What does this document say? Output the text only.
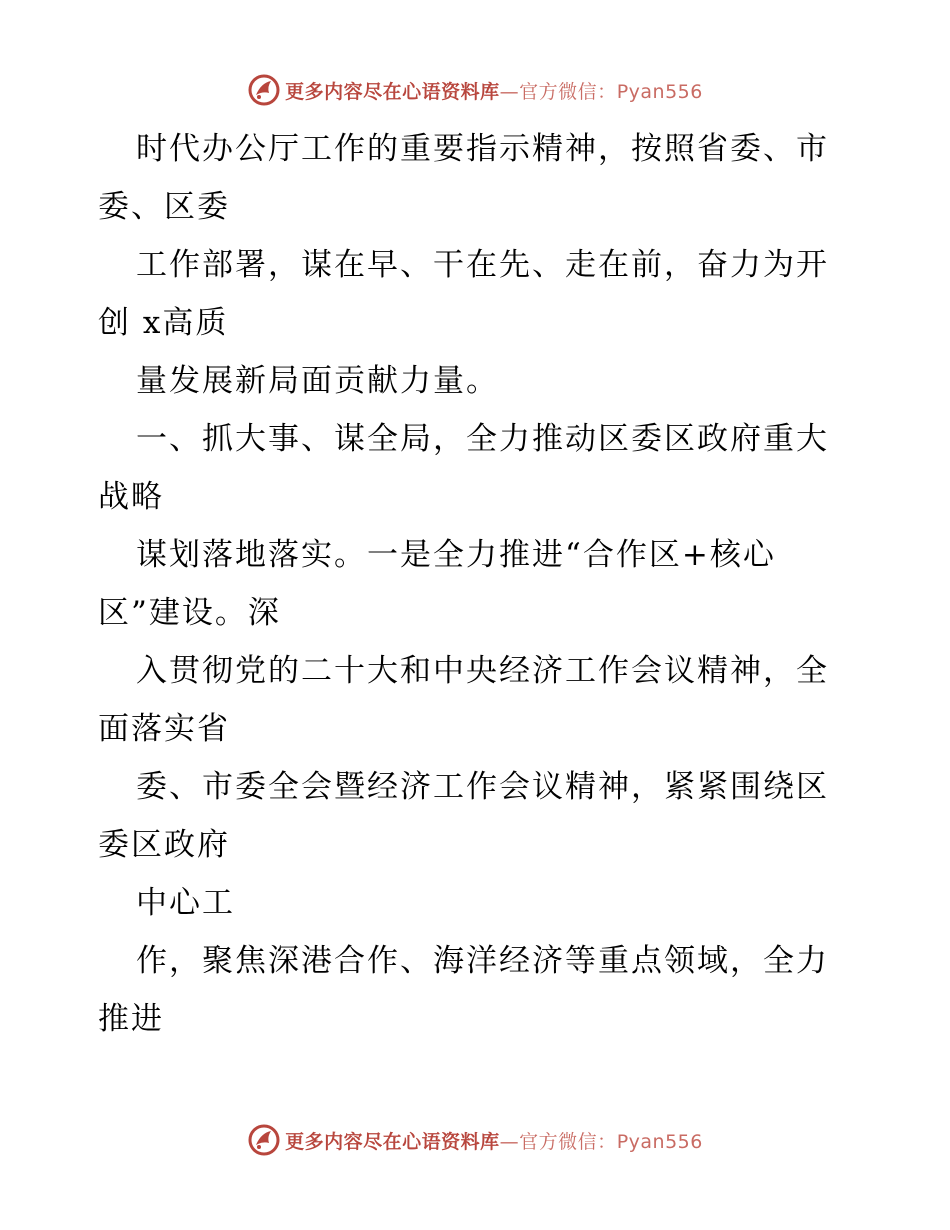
更多内容尽在心语资料库—官方微信：Pyan556

时代办公厅工作的重要指示精神，按照省委、市委、区委

工作部署，谋在早、干在先、走在前，奋力为开创 x高质

量发展新局面贡献力量。

一、抓大事、谋全局，全力推动区委区政府重大战略

谋划落地落实。一是全力推进“合作区+核心区”建设。深

入贯彻党的二十大和中央经济工作会议精神，全面落实省

委、市委全会暨经济工作会议精神，紧紧围绕区委区政府

中心工

作，聚焦深港合作、海洋经济等重点领域，全力推进

更多内容尽在心语资料库—官方微信：Pyan556
